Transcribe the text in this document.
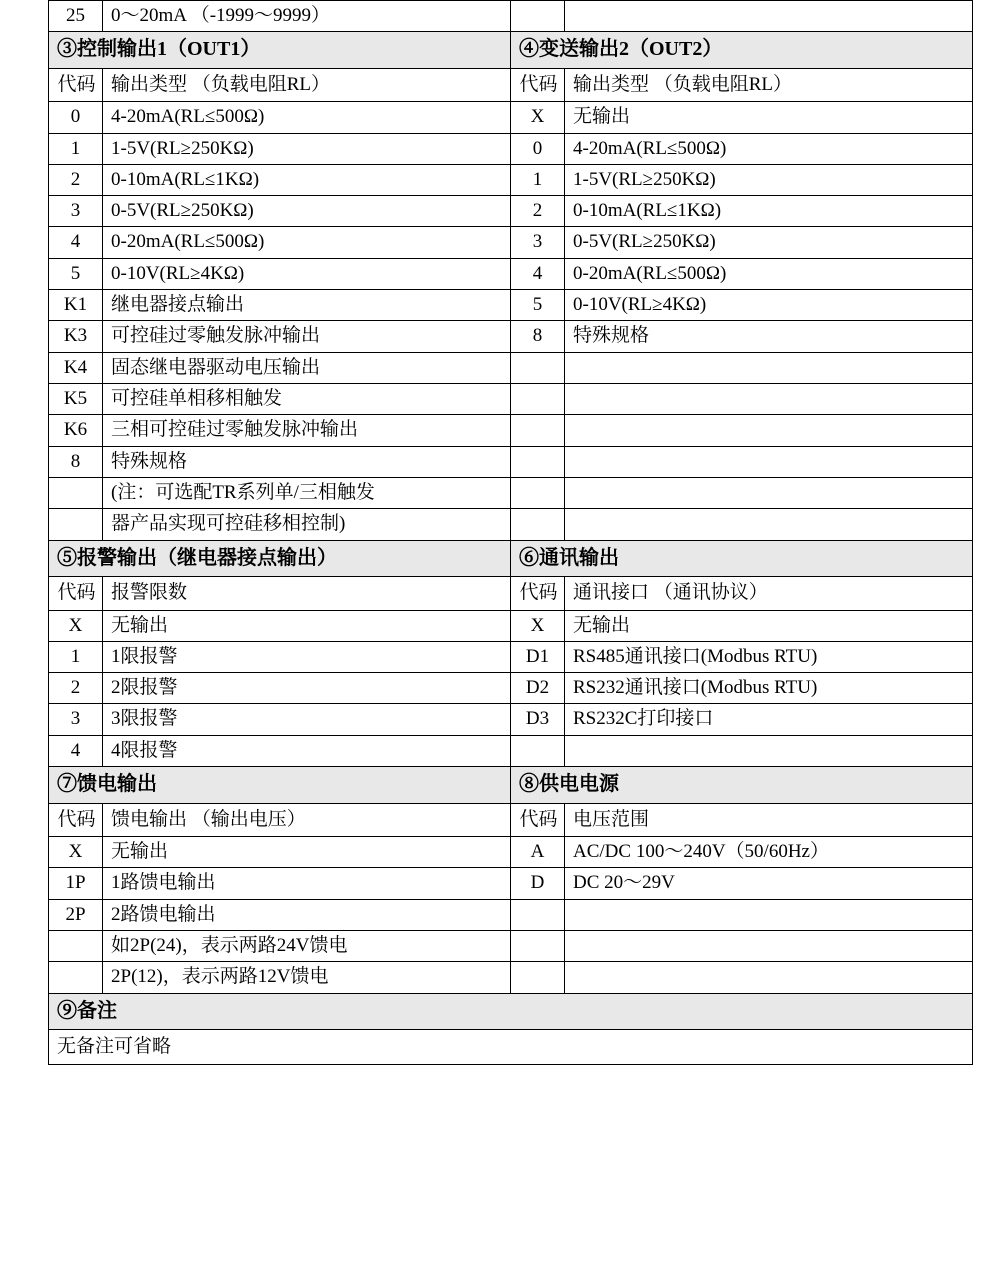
25	0～20mA （-1999～9999）		

③控制输出1（OUT1）		④变送输出2（OUT2）	

代码	输出类型 （负载电阻RL）	代码	输出类型 （负载电阻RL）

0	4-20mA(RL≤500Ω)	X	无输出

1	1-5V(RL≥250KΩ)	0	4-20mA(RL≤500Ω)

2	0-10mA(RL≤1KΩ)	1	1-5V(RL≥250KΩ)

3	0-5V(RL≥250KΩ)	2	0-10mA(RL≤1KΩ)

4	0-20mA(RL≤500Ω)	3	0-5V(RL≥250KΩ)

5	0-10V(RL≥4KΩ)	4	0-20mA(RL≤500Ω)

K1	继电器接点输出	5	0-10V(RL≥4KΩ)

K3	可控硅过零触发脉冲输出	8	特殊规格

K4	固态继电器驱动电压输出		

K5	可控硅单相移相触发		

K6	三相可控硅过零触发脉冲输出		

8	特殊规格		

	(注：可选配TR系列单/三相触发		

	器产品实现可控硅移相控制)		

⑤报警输出（继电器接点输出）		⑥通讯输出	

代码	报警限数	代码	通讯接口 （通讯协议）

X	无输出	X	无输出

1	1限报警	D1	RS485通讯接口(Modbus RTU)

2	2限报警	D2	RS232通讯接口(Modbus RTU)

3	3限报警	D3	RS232C打印接口

4	4限报警		

⑦馈电输出		⑧供电电源	

代码	馈电输出 （输出电压）	代码	电压范围

X	无输出	A	AC/DC 100～240V（50/60Hz）

1P	1路馈电输出	D	DC 20～29V

2P	2路馈电输出		

	如2P(24)，表示两路24V馈电		

	2P(12)，表示两路12V馈电		

⑨备注			

无备注可省略			
